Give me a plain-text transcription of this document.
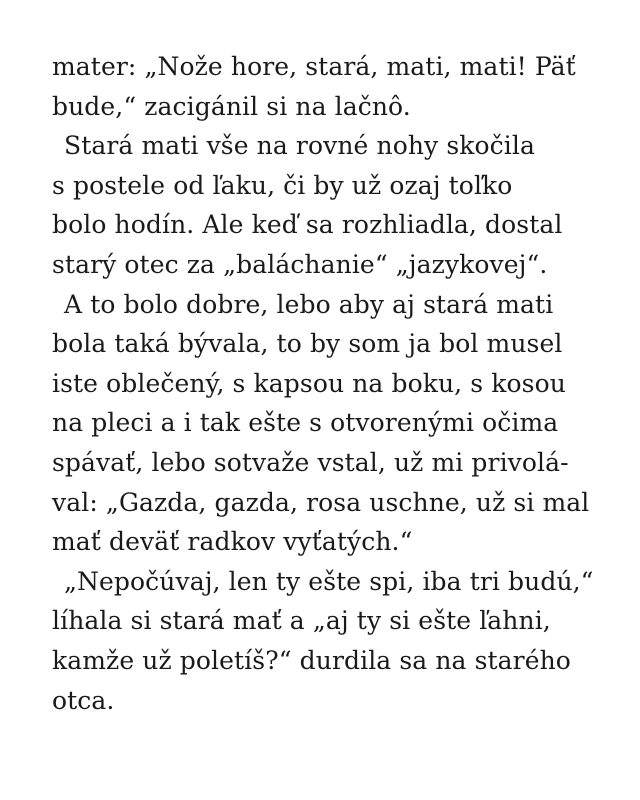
mater: „Nože hore, stará, mati, mati! Päť
bude,“ zacigánil si na lačnô.
Stará mati vše na rovné nohy skočila
s postele od ľaku, či by už ozaj toľko
bolo hodín. Ale keď sa rozhliadla, dostal
starý otec za „baláchanie“ „jazykovej“.
A to bolo dobre, lebo aby aj stará mati
bola taká bývala, to by som ja bol musel
iste oblečený, s kapsou na boku, s kosou
na pleci a i tak ešte s otvorenými očima
spávať, lebo sotvaže vstal, už mi privolá-
val: „Gazda, gazda, rosa uschne, už si mal
mať deväť radkov vyťatých.“
„Nepočúvaj, len ty ešte spi, iba tri budú,“
líhala si stará mať a „aj ty si ešte ľahni,
kamže už poletíš?“ durdila sa na starého
otca.
